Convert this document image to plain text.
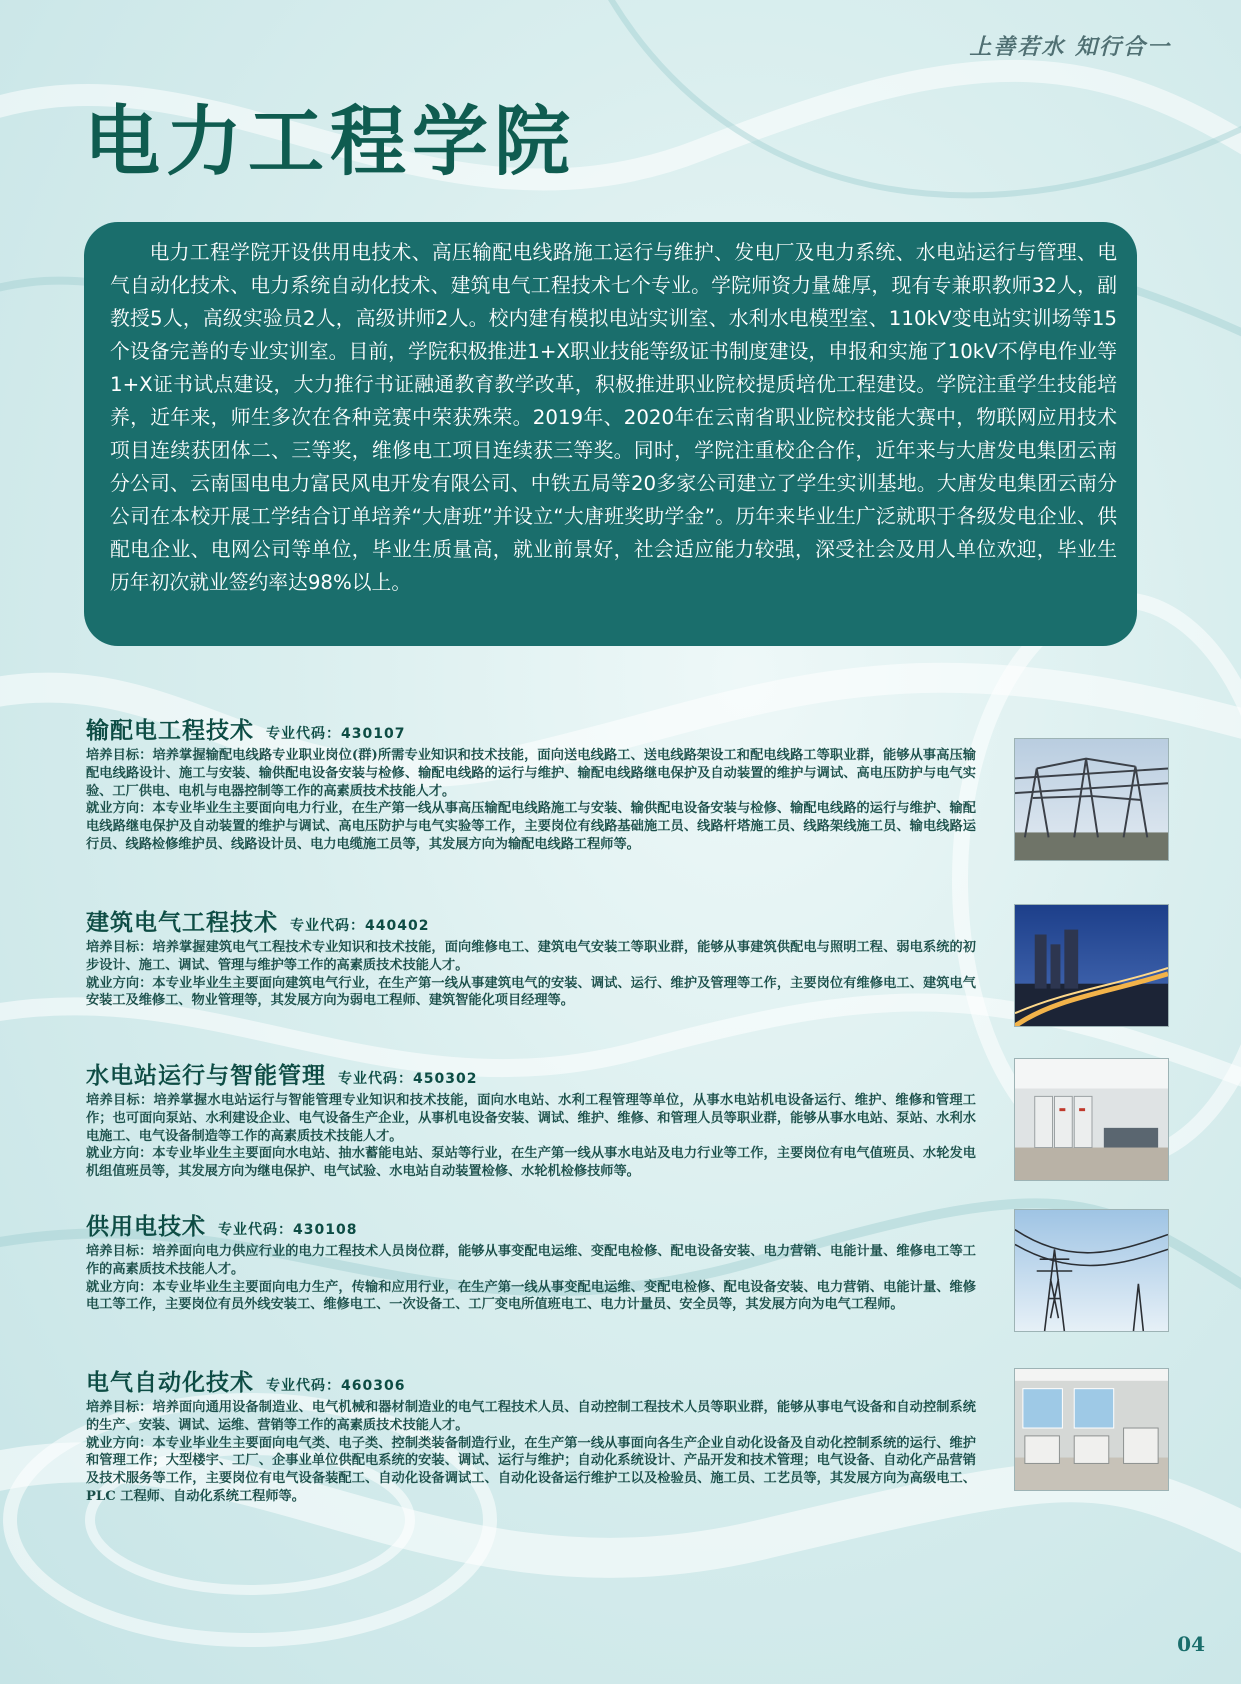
上善若水 知行合一
电力工程学院

电力工程学院开设供用电技术、高压输配电线路施工运行与维护、发电厂及电力系统、水电站运行与管理、电气自动化技术、电力系统自动化技术、建筑电气工程技术七个专业。学院师资力量雄厚，现有专兼职教师32人，副教授5人，高级实验员2人，高级讲师2人。校内建有模拟电站实训室、水利水电模型室、110kV变电站实训场等15个设备完善的专业实训室。目前，学院积极推进1+X职业技能等级证书制度建设，申报和实施了10kV不停电作业等1+X证书试点建设，大力推行书证融通教育教学改革，积极推进职业院校提质培优工程建设。学院注重学生技能培养，近年来，师生多次在各种竞赛中荣获殊荣。2019年、2020年在云南省职业院校技能大赛中，物联网应用技术项目连续获团体二、三等奖，维修电工项目连续获三等奖。同时，学院注重校企合作，近年来与大唐发电集团云南分公司、云南国电电力富民风电开发有限公司、中铁五局等20多家公司建立了学生实训基地。大唐发电集团云南分公司在本校开展工学结合订单培养“大唐班”并设立“大唐班奖助学金”。历年来毕业生广泛就职于各级发电企业、供配电企业、电网公司等单位，毕业生质量高，就业前景好，社会适应能力较强，深受社会及用人单位欢迎，毕业生历年初次就业签约率达98%以上。

输配电工程技术 专业代码：430107

培养目标：培养掌握输配电线路专业职业岗位(群)所需专业知识和技术技能，面向送电线路工、送电线路架设工和配电线路工等职业群，能够从事高压输配电线路设计、施工与安装、输供配电设备安装与检修、输配电线路的运行与维护、输配电线路继电保护及自动装置的维护与调试、高电压防护与电气实验、工厂供电、电机与电器控制等工作的高素质技术技能人才。

就业方向：本专业毕业生主要面向电力行业，在生产第一线从事高压输配电线路施工与安装、输供配电设备安装与检修、输配电线路的运行与维护、输配电线路继电保护及自动装置的维护与调试、高电压防护与电气实验等工作，主要岗位有线路基础施工员、线路杆塔施工员、线路架线施工员、输电线路运行员、线路检修维护员、线路设计员、电力电缆施工员等，其发展方向为输配电线路工程师等。

建筑电气工程技术 专业代码：440402

培养目标：培养掌握建筑电气工程技术专业知识和技术技能，面向维修电工、建筑电气安装工等职业群，能够从事建筑供配电与照明工程、弱电系统的初步设计、施工、调试、管理与维护等工作的高素质技术技能人才。

就业方向：本专业毕业生主要面向建筑电气行业，在生产第一线从事建筑电气的安装、调试、运行、维护及管理等工作，主要岗位有维修电工、建筑电气安装工及维修工、物业管理等，其发展方向为弱电工程师、建筑智能化项目经理等。

水电站运行与智能管理 专业代码：450302

培养目标：培养掌握水电站运行与智能管理专业知识和技术技能，面向水电站、水利工程管理等单位，从事水电站机电设备运行、维护、维修和管理工作；也可面向泵站、水利建设企业、电气设备生产企业，从事机电设备安装、调试、维护、维修、和管理人员等职业群，能够从事水电站、泵站、水利水电施工、电气设备制造等工作的高素质技术技能人才。

就业方向：本专业毕业生主要面向水电站、抽水蓄能电站、泵站等行业，在生产第一线从事水电站及电力行业等工作，主要岗位有电气值班员、水轮发电机组值班员等，其发展方向为继电保护、电气试验、水电站自动装置检修、水轮机检修技师等。

供用电技术 专业代码：430108

培养目标：培养面向电力供应行业的电力工程技术人员岗位群，能够从事变配电运维、变配电检修、配电设备安装、电力营销、电能计量、维修电工等工作的高素质技术技能人才。

就业方向：本专业毕业生主要面向电力生产，传输和应用行业，在生产第一线从事变配电运维、变配电检修、配电设备安装、电力营销、电能计量、维修电工等工作，主要岗位有员外线安装工、维修电工、一次设备工、工厂变电所值班电工、电力计量员、安全员等，其发展方向为电气工程师。

电气自动化技术 专业代码：460306

培养目标：培养面向通用设备制造业、电气机械和器材制造业的电气工程技术人员、自动控制工程技术人员等职业群，能够从事电气设备和自动控制系统的生产、安装、调试、运维、营销等工作的高素质技术技能人才。

就业方向：本专业毕业生主要面向电气类、电子类、控制类装备制造行业，在生产第一线从事面向各生产企业自动化设备及自动化控制系统的运行、维护和管理工作；大型楼宇、工厂、企事业单位供配电系统的安装、调试、运行与维护；自动化系统设计、产品开发和技术管理；电气设备、自动化产品营销及技术服务等工作，主要岗位有电气设备装配工、自动化设备调试工、自动化设备运行维护工以及检验员、施工员、工艺员等，其发展方向为高级电工、PLC 工程师、自动化系统工程师等。

04
